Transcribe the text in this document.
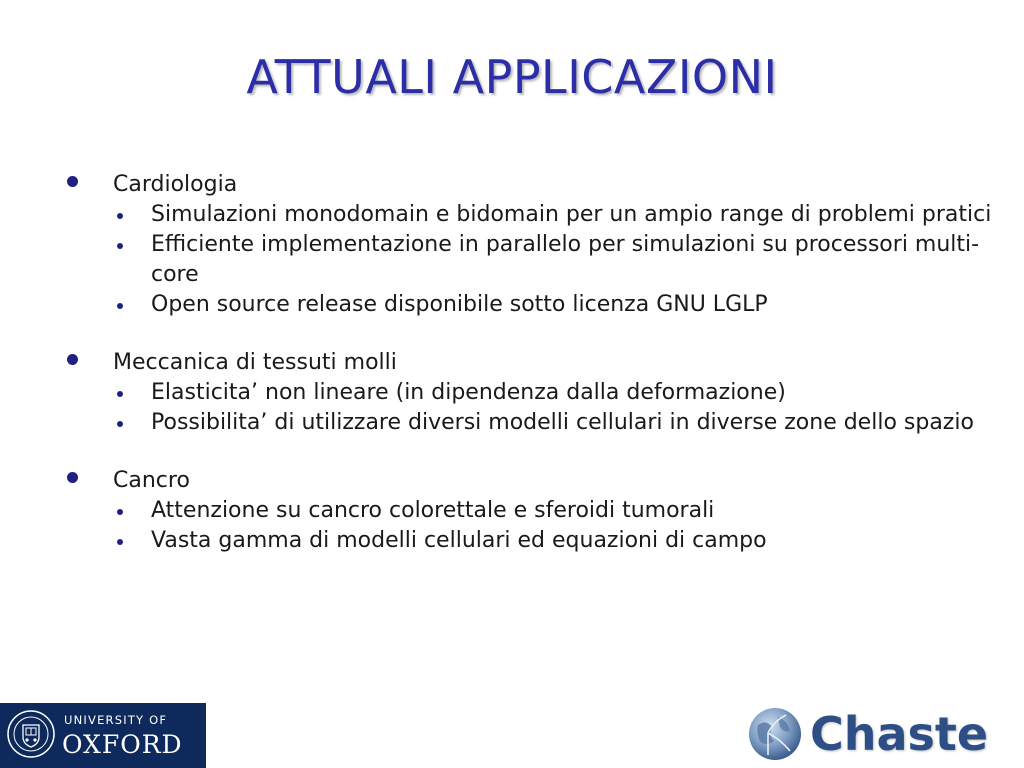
ATTUALI APPLICAZIONI
Cardiologia
Simulazioni monodomain e bidomain per un ampio range di problemi pratici
Efficiente implementazione in parallelo per simulazioni su processori multi-core
Open source release disponibile sotto licenza GNU LGLP
Meccanica di tessuti molli
Elasticita’ non lineare (in dipendenza dalla deformazione)
Possibilita’ di utilizzare diversi modelli cellulari in diverse zone dello spazio
Cancro
Attenzione su cancro colorettale e sferoidi tumorali
Vasta gamma di modelli cellulari ed equazioni di campo
UNIVERSITY OF
OXFORD	Chaste
